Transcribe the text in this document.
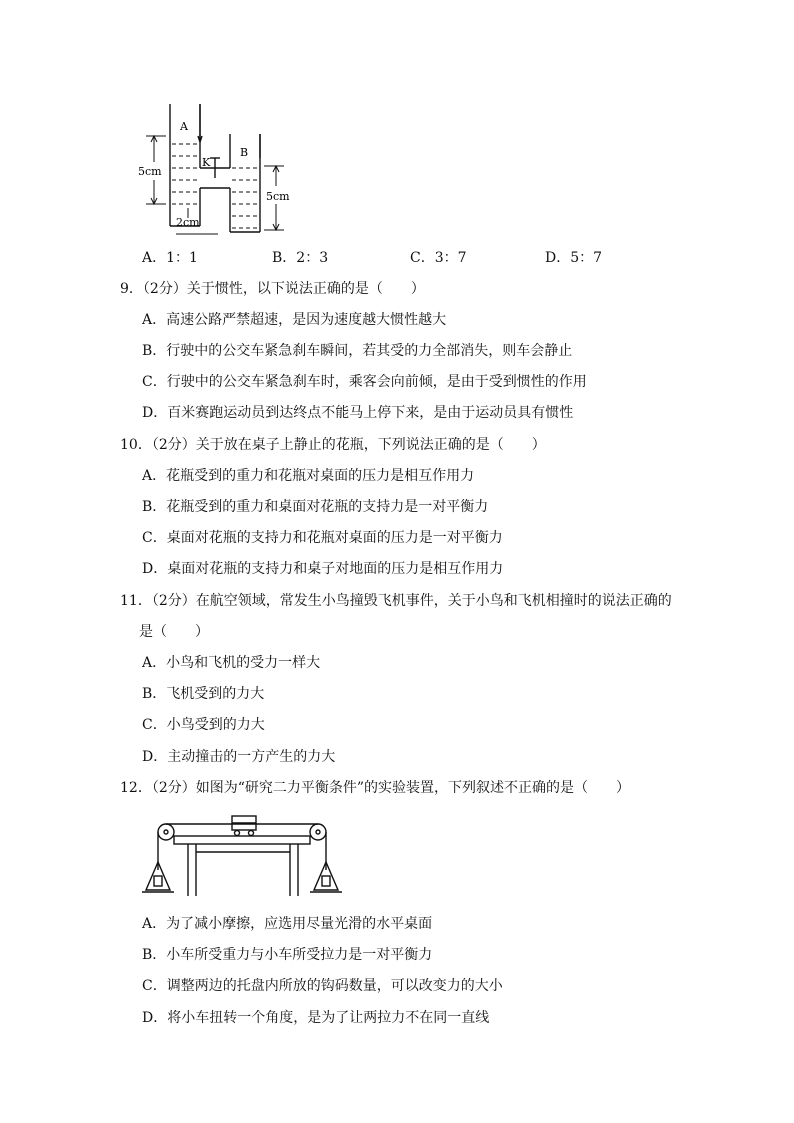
A
B
K
5cm
5cm
2cm
A．1：1	B．2：3	C．3：7	D．5：7
9．（2分）关于惯性，以下说法正确的是（　　）
A．高速公路严禁超速，是因为速度越大惯性越大
B．行驶中的公交车紧急刹车瞬间，若其受的力全部消失，则车会静止
C．行驶中的公交车紧急刹车时，乘客会向前倾，是由于受到惯性的作用
D．百米赛跑运动员到达终点不能马上停下来，是由于运动员具有惯性
10．（2分）关于放在桌子上静止的花瓶，下列说法正确的是（　　）
A．花瓶受到的重力和花瓶对桌面的压力是相互作用力
B．花瓶受到的重力和桌面对花瓶的支持力是一对平衡力
C．桌面对花瓶的支持力和花瓶对桌面的压力是一对平衡力
D．桌面对花瓶的支持力和桌子对地面的压力是相互作用力
11．（2分）在航空领域，常发生小鸟撞毁飞机事件，关于小鸟和飞机相撞时的说法正确的
是（　　）
A．小鸟和飞机的受力一样大
B．飞机受到的力大
C．小鸟受到的力大
D．主动撞击的一方产生的力大
12．（2分）如图为“研究二力平衡条件”的实验装置，下列叙述不正确的是（　　）
A．为了减小摩擦，应选用尽量光滑的水平桌面
B．小车所受重力与小车所受拉力是一对平衡力
C．调整两边的托盘内所放的钩码数量，可以改变力的大小
D．将小车扭转一个角度，是为了让两拉力不在同一直线
